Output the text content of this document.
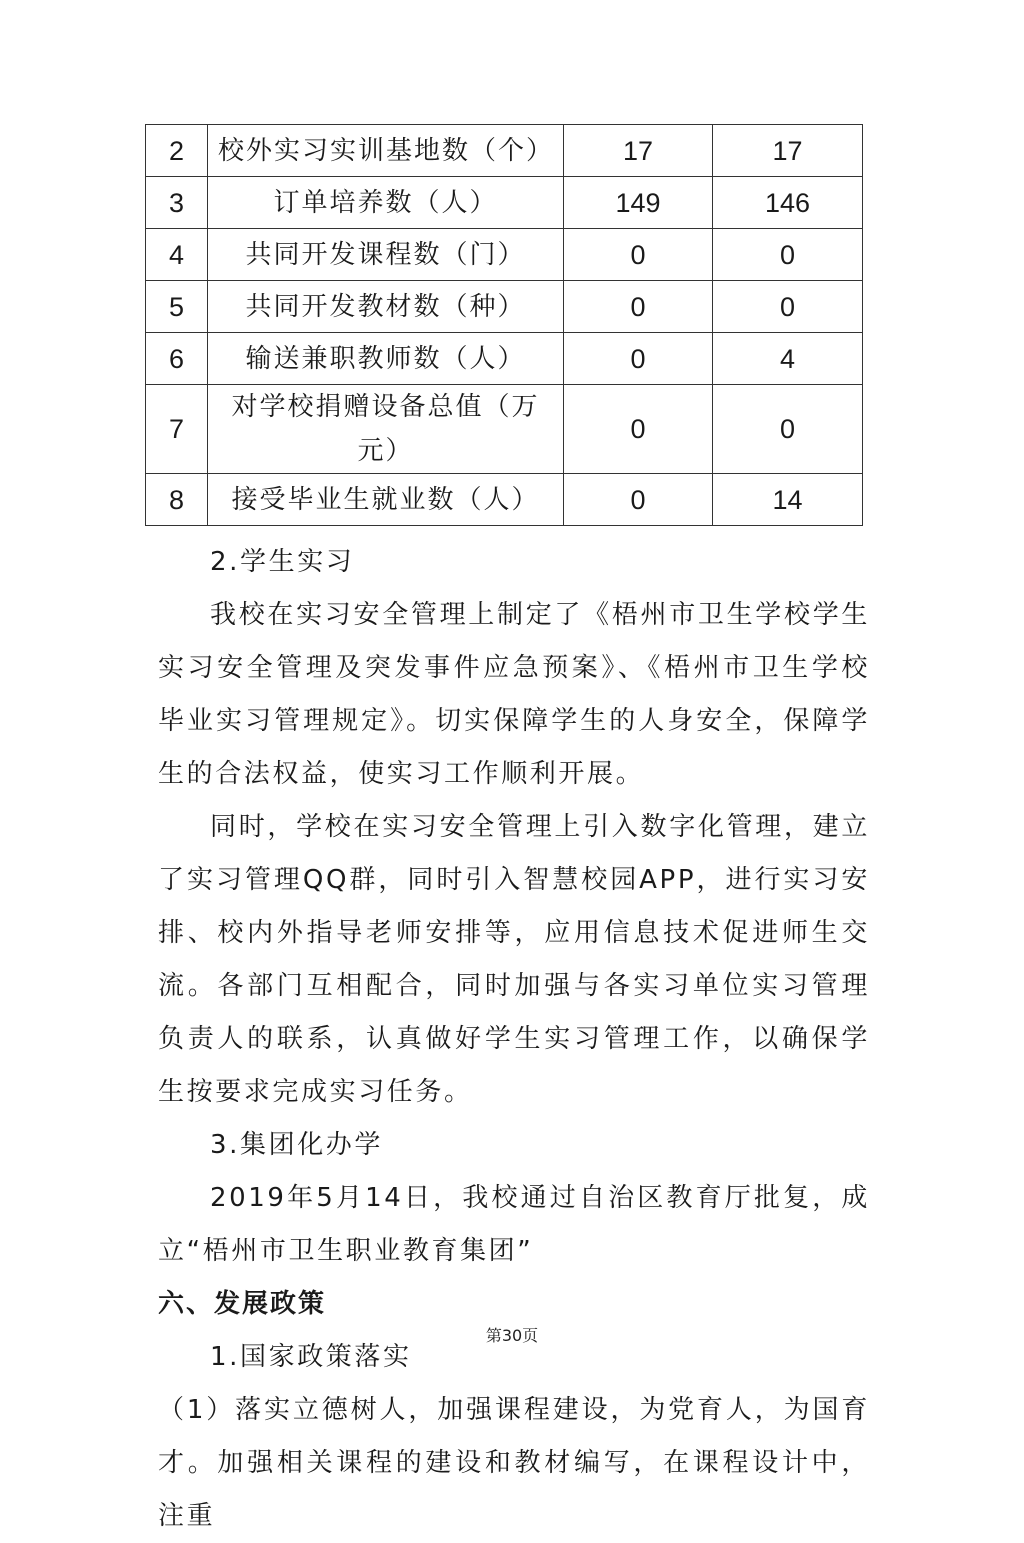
2	校外实习实训基地数（个）	17	17
3	订单培养数（人）	149	146
4	共同开发课程数（门）	0	0
5	共同开发教材数（种）	0	0
6	输送兼职教师数（人）	0	4
7	对学校捐赠设备总值（万元）	0	0
8	接受毕业生就业数（人）	0	14

2.学生实习

我校在实习安全管理上制定了《梧州市卫生学校学生实习安全管理及突发事件应急预案》、《梧州市卫生学校毕业实习管理规定》。切实保障学生的人身安全，保障学生的合法权益，使实习工作顺利开展。

同时，学校在实习安全管理上引入数字化管理，建立了实习管理QQ群，同时引入智慧校园APP，进行实习安排、校内外指导老师安排等，应用信息技术促进师生交流。各部门互相配合，同时加强与各实习单位实习管理负责人的联系，认真做好学生实习管理工作，以确保学生按要求完成实习任务。

3.集团化办学

2019年5月14日，我校通过自治区教育厅批复，成立“梧州市卫生职业教育集团”

六、发展政策

1.国家政策落实

（1）落实立德树人，加强课程建设，为党育人，为国育才。加强相关课程的建设和教材编写，在课程设计中，注重

第30页
